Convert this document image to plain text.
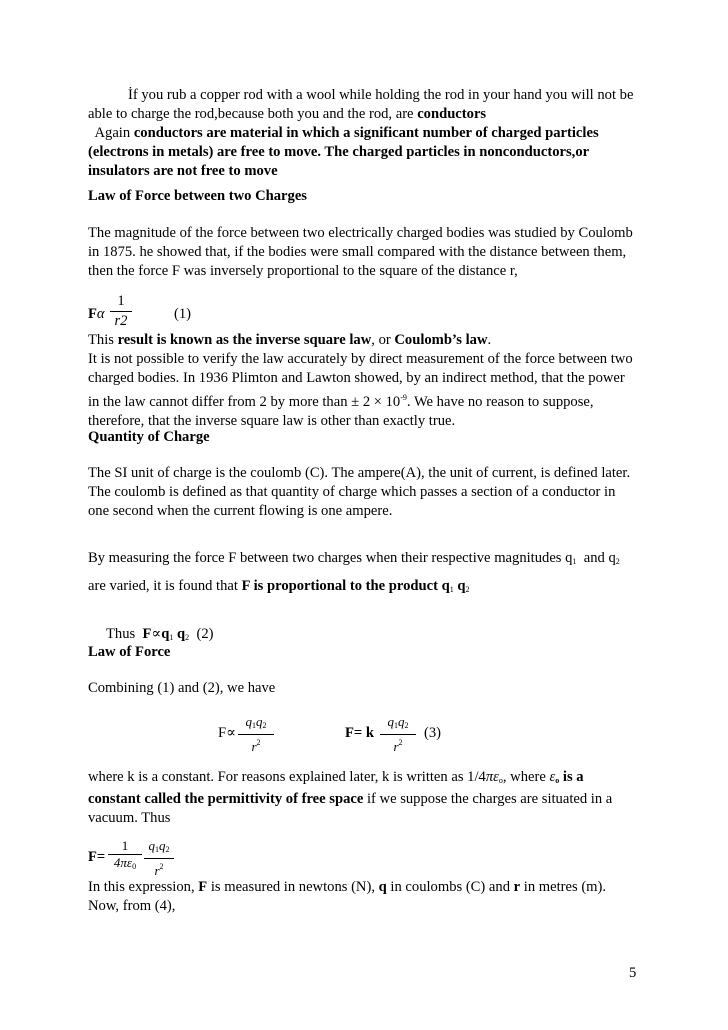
İf you rub a copper rod with a wool while holding the rod in your hand you will not be
able to charge the rod,because both you and the rod, are conductors
Again conductors are material in which a significant number of charged particles
(electrons in metals) are free to move. The charged particles in nonconductors,or
insulators are not free to move
Law of Force between two Charges
The magnitude of the force between two electrically charged bodies was studied by Coulomb
in 1875. he showed that, if the bodies were small compared with the distance between them,
then the force F was inversely proportional to the square of the distance r,
Fα
1
r2	(1)
This result is known as the inverse square law, or Coulomb’s law.
It is not possible to verify the law accurately by direct measurement of the force between two
charged bodies. In 1936 Plimton and Lawton showed, by an indirect method, that the power
in the law cannot differ from 2 by more than ± $2 \times 10^{-9}$. We have no reason to suppose,
therefore, that the inverse square law is other than exactly true.
Quantity of Charge
The SI unit of charge is the coulomb (C). The ampere(A), the unit of current, is defined later.
The coulomb is defined as that quantity of charge which passes a section of a conductor in
one second when the current flowing is one ampere.
By measuring the force F between two charges when their respective magnitudes $q_1$  and $q_2$
are varied, it is found that F is proportional to the product $q_1$ $q_2$

Thus  $F\propto q_1$ $q_2$  (2)

Law of Force
Combining (1) and (2), we have
F∝
$q_1q_2$
$r^2$
F= k
$q_1q_2$
$r^2$
(3)
where k is a constant. For reasons explained later, k is written as $1/4\pi\varepsilon_o$, where $\varepsilon_o$ is a
constant called the permittivity of free space if we suppose the charges are situated in a
vacuum. Thus
F=
1
$4\pi\varepsilon_0$
$q_1q_2$
$r^2$
In this expression, F is measured in newtons (N), q in coulombs (C) and r in metres (m).
Now, from (4),
5
